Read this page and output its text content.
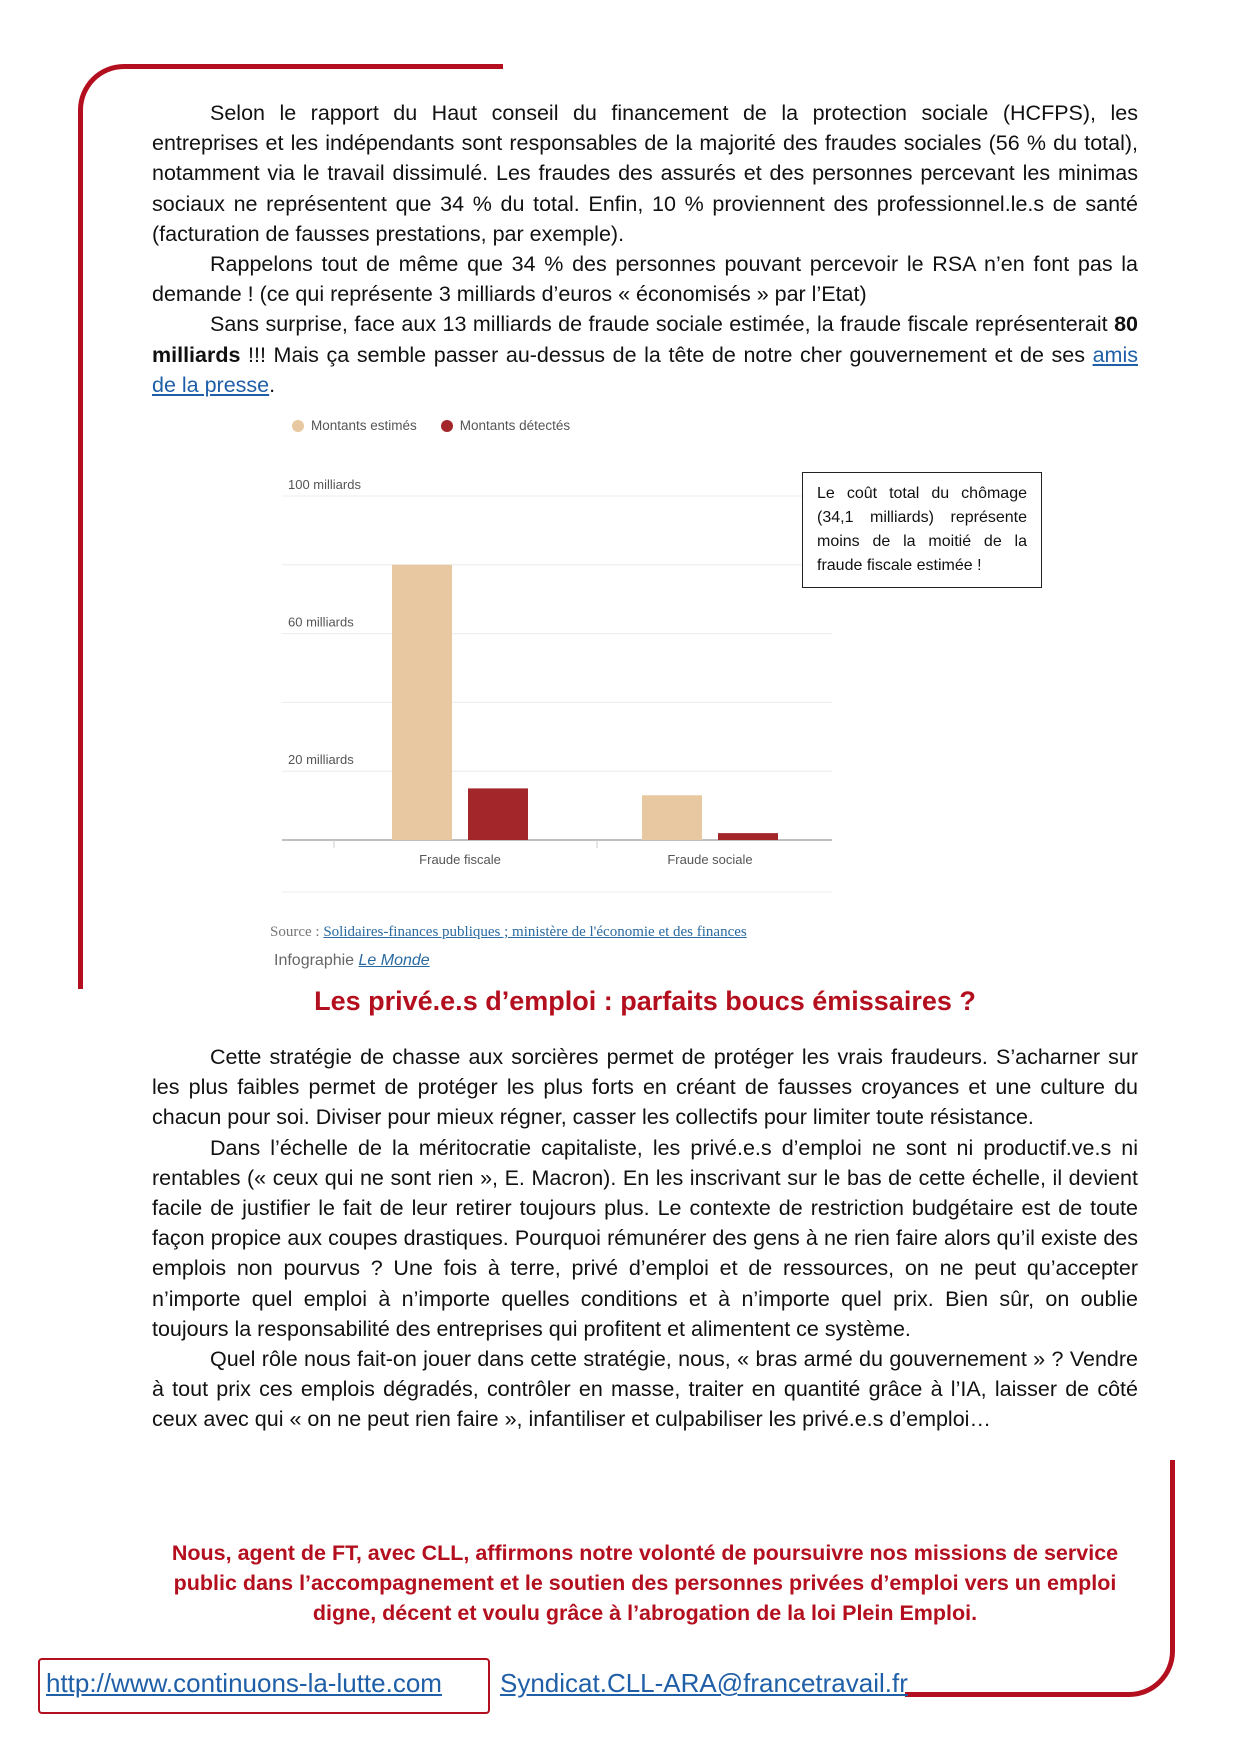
Selon le rapport du Haut conseil du financement de la protection sociale (HCFPS), les entreprises et les indépendants sont responsables de la majorité des fraudes sociales (56 % du total), notamment via le travail dissimulé. Les fraudes des assurés et des personnes percevant les minimas sociaux ne représentent que 34 % du total. Enfin, 10 % proviennent des professionnel.le.s de santé (facturation de fausses prestations, par exemple).

Rappelons tout de même que 34 % des personnes pouvant percevoir le RSA n’en font pas la demande ! (ce qui représente 3 milliards d’euros « économisés » par l’Etat)

Sans surprise, face aux 13 milliards de fraude sociale estimée, la fraude fiscale représenterait 80 milliards !!! Mais ça semble passer au-dessus de la tête de notre cher gouvernement et de ses amis de la presse.

Montants estimés	Montants détectés
100 milliards
60 milliards
20 milliards
Fraude fiscale	Fraude sociale
Le coût total du chômage (34,1 milliards) représente moins de la moitié de la fraude fiscale estimée !
Source : Solidaires-finances publiques ; ministère de l'économie et des finances
Infographie Le Monde
Les privé.e.s d’emploi : parfaits boucs émissaires ?

Cette stratégie de chasse aux sorcières permet de protéger les vrais fraudeurs. S’acharner sur les plus faibles permet de protéger les plus forts en créant de fausses croyances et une culture du chacun pour soi. Diviser pour mieux régner, casser les collectifs pour limiter toute résistance.

Dans l’échelle de la méritocratie capitaliste, les privé.e.s d’emploi ne sont ni productif.ve.s ni rentables (« ceux qui ne sont rien », E. Macron). En les inscrivant sur le bas de cette échelle, il devient facile de justifier le fait de leur retirer toujours plus. Le contexte de restriction budgétaire est de toute façon propice aux coupes drastiques. Pourquoi rémunérer des gens à ne rien faire alors qu’il existe des emplois non pourvus ? Une fois à terre, privé d’emploi et de ressources, on ne peut qu’accepter n’importe quel emploi à n’importe quelles conditions et à n’importe quel prix. Bien sûr, on oublie toujours la responsabilité des entreprises qui profitent et alimentent ce système.

Quel rôle nous fait-on jouer dans cette stratégie, nous, « bras armé du gouvernement » ? Vendre à tout prix ces emplois dégradés, contrôler en masse, traiter en quantité grâce à l’IA, laisser de côté ceux avec qui « on ne peut rien faire », infantiliser et culpabiliser les privé.e.s d’emploi…

Nous, agent de FT, avec CLL, affirmons notre volonté de poursuivre nos missions de service public dans l’accompagnement et le soutien des personnes privées d’emploi vers un emploi digne, décent et voulu grâce à l’abrogation de la loi Plein Emploi.
http://www.continuons-la-lutte.com Syndicat.CLL-ARA@francetravail.fr
